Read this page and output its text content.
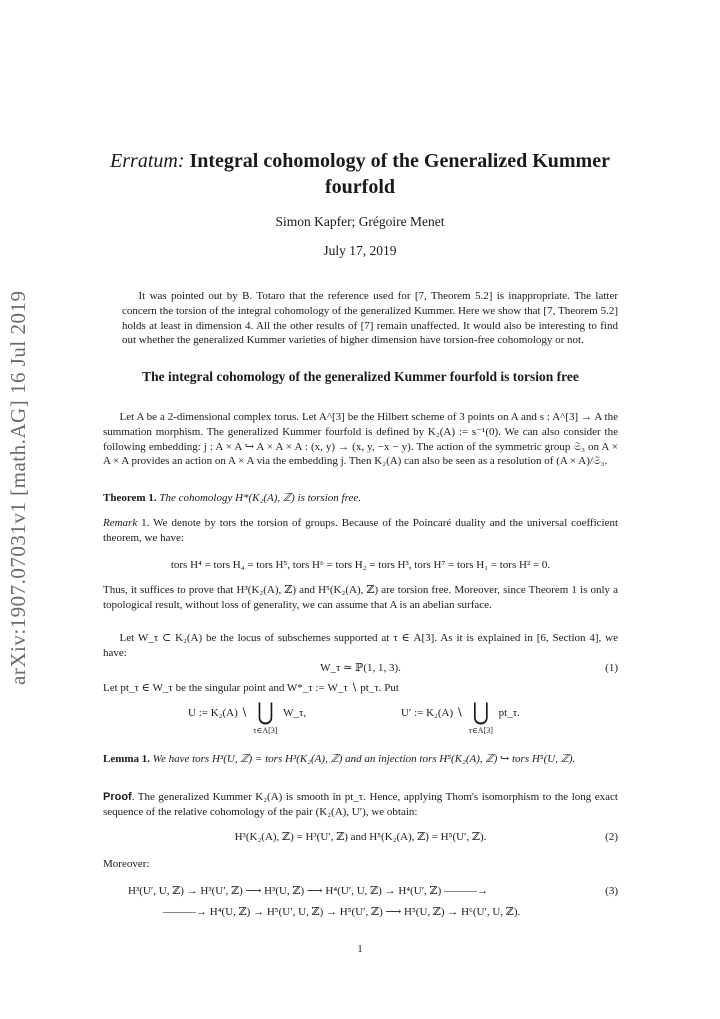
arXiv:1907.07031v1 [math.AG] 16 Jul 2019
Erratum: Integral cohomology of the Generalized Kummer fourfold
Simon Kapfer; Grégoire Menet
July 17, 2019

It was pointed out by B. Totaro that the reference used for [7, Theorem 5.2] is inappropriate. The latter concern the torsion of the integral cohomology of the generalized Kummer. Here we show that [7, Theorem 5.2] holds at least in dimension 4. All the other results of [7] remain unaffected. It would also be interesting to find out whether the generalized Kummer varieties of higher dimension have torsion-free cohomology or not.

The integral cohomology of the generalized Kummer fourfold is torsion free

Let A be a 2-dimensional complex torus. Let A^[3] be the Hilbert scheme of 3 points on A and s : A^[3] → A the summation morphism. The generalized Kummer fourfold is defined by K₂(A) := s⁻¹(0). We can also consider the following embedding: j : A × A ↪ A × A × A : (x, y) → (x, y, −x − y). The action of the symmetric group 𝔖₃ on A × A × A provides an action on A × A via the embedding j. Then K₂(A) can also be seen as a resolution of (A × A)/𝔖₃.

Theorem 1. The cohomology H*(K₂(A), ℤ) is torsion free.

Remark 1. We denote by tors the torsion of groups. Because of the Poincaré duality and the universal coefficient theorem, we have:

tors H⁴ = tors H₄ = tors H⁵, tors H⁶ = tors H₂ = tors H³, tors H⁷ = tors H₁ = tors H² = 0.

Thus, it suffices to prove that H³(K₂(A), ℤ) and H⁵(K₂(A), ℤ) are torsion free. Moreover, since Theorem 1 is only a topological result, without loss of generality, we can assume that A is an abelian surface.

Let W_τ ⊂ K₂(A) be the locus of subschemes supported at τ ∈ A[3]. As it is explained in [6, Section 4], we have:

W_τ ≃ ℙ(1, 1, 3).	(1)

Let pt_τ ∈ W_τ be the singular point and W*_τ := W_τ ∖ pt_τ. Put

U := K₂(A) ∖ ⋃
τ∈A[3] W_τ,	U′ := K₂(A) ∖ ⋃
τ∈A[3] pt_τ.

Lemma 1. We have tors H³(U, ℤ) = tors H³(K₂(A), ℤ) and an injection tors H⁵(K₂(A), ℤ) ↪ tors H⁵(U, ℤ).

Proof. The generalized Kummer K₂(A) is smooth in pt_τ. Hence, applying Thom's isomorphism to the long exact sequence of the relative cohomology of the pair (K₂(A), U′), we obtain:

H³(K₂(A), ℤ) = H³(U′, ℤ) and H⁵(K₂(A), ℤ) = H⁵(U′, ℤ).	(2)

Moreover:

H³(U′, U, ℤ) → H³(U′, ℤ) ⟶ H³(U, ℤ) ⟶ H⁴(U′, U, ℤ) → H⁴(U′, ℤ) ———→
———→ H⁴(U, ℤ) → H⁵(U′, U, ℤ) → H⁵(U′, ℤ) ⟶ H⁵(U, ℤ) → H⁶(U′, U, ℤ).
(3)
1
